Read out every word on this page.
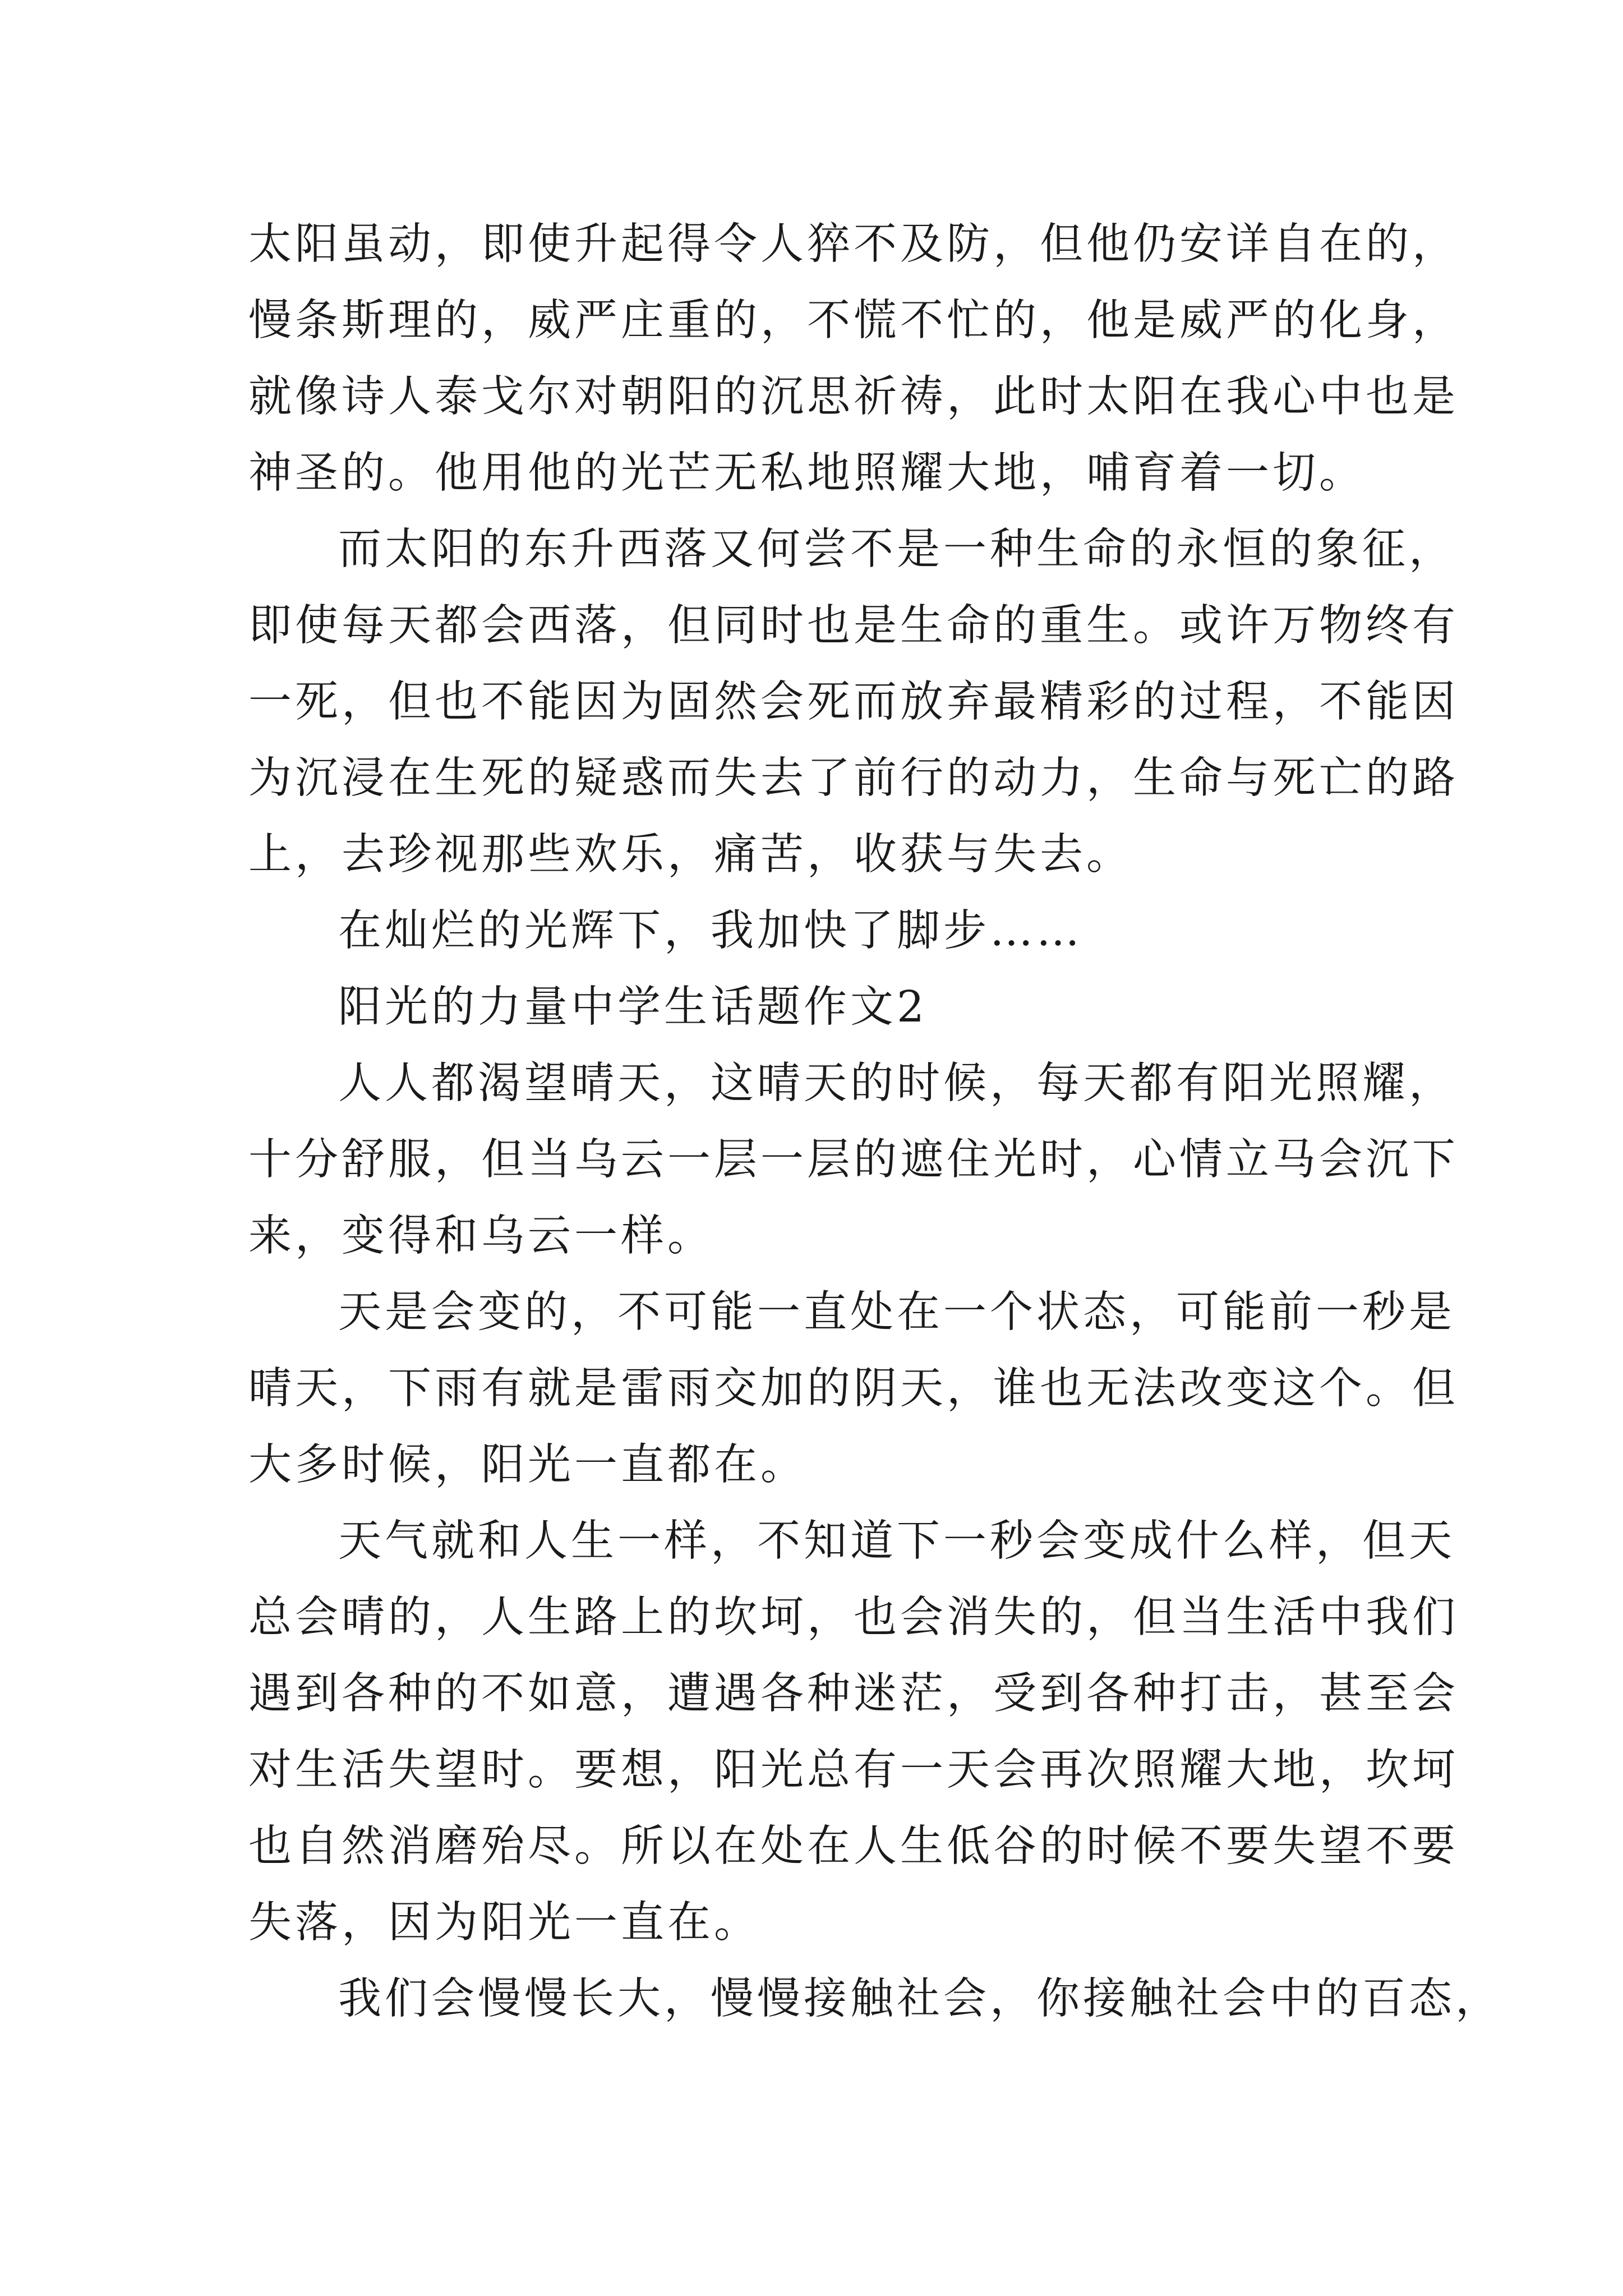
太阳虽动，即使升起得令人猝不及防，但他仍安详自在的，
慢条斯理的，威严庄重的，不慌不忙的，他是威严的化身，
就像诗人泰戈尔对朝阳的沉思祈祷，此时太阳在我心中也是
神圣的。他用他的光芒无私地照耀大地，哺育着一切。
而太阳的东升西落又何尝不是一种生命的永恒的象征，
即使每天都会西落，但同时也是生命的重生。或许万物终有
一死，但也不能因为固然会死而放弃最精彩的过程，不能因
为沉浸在生死的疑惑而失去了前行的动力，生命与死亡的路
上，去珍视那些欢乐，痛苦，收获与失去。
在灿烂的光辉下，我加快了脚步……
阳光的力量中学生话题作文2
人人都渴望晴天，这晴天的时候，每天都有阳光照耀，
十分舒服，但当乌云一层一层的遮住光时，心情立马会沉下
来，变得和乌云一样。
天是会变的，不可能一直处在一个状态，可能前一秒是
晴天，下雨有就是雷雨交加的阴天，谁也无法改变这个。但
大多时候，阳光一直都在。
天气就和人生一样，不知道下一秒会变成什么样，但天
总会晴的，人生路上的坎坷，也会消失的，但当生活中我们
遇到各种的不如意，遭遇各种迷茫，受到各种打击，甚至会
对生活失望时。要想，阳光总有一天会再次照耀大地，坎坷
也自然消磨殆尽。所以在处在人生低谷的时候不要失望不要
失落，因为阳光一直在。
我们会慢慢长大，慢慢接触社会，你接触社会中的百态，
